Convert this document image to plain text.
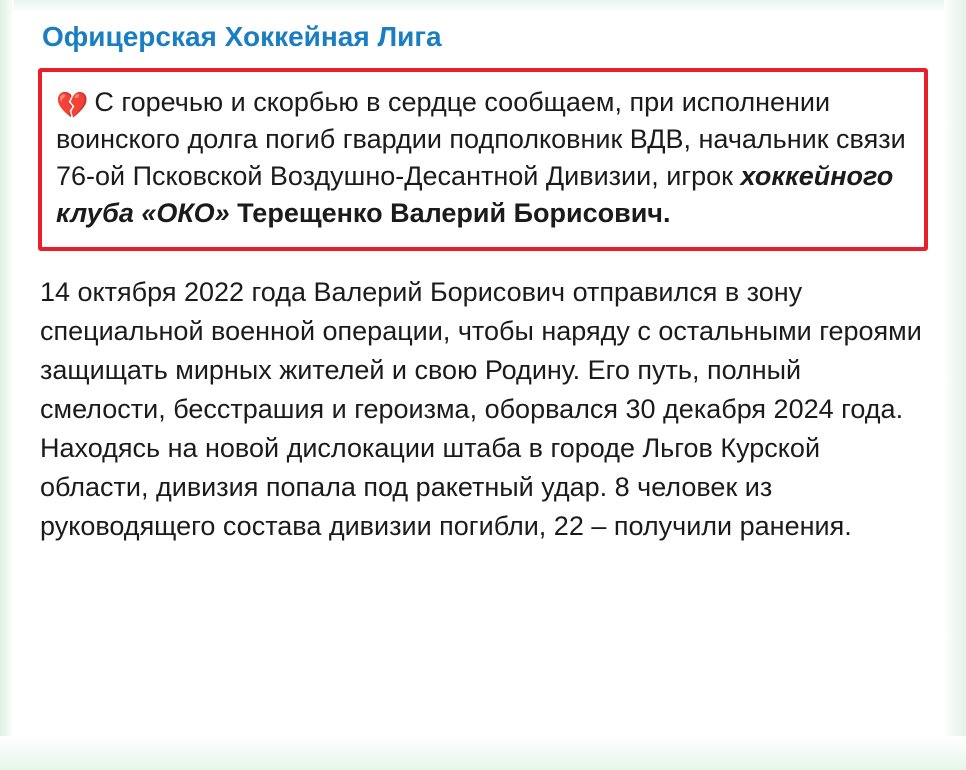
Офицерская Хоккейная Лига

💔 С горечью и скорбью в сердце сообщаем, при исполнении воинского долга погиб гвардии подполковник ВДВ, начальник связи 76-ой Псковской Воздушно-Десантной Дивизии, игрок хоккейного клуба «ОКО» Терещенко Валерий Борисович.

14 октября 2022 года Валерий Борисович отправился в зону специальной военной операции, чтобы наряду с остальными героями защищать мирных жителей и свою Родину. Его путь, полный смелости, бесстрашия и героизма, оборвался 30 декабря 2024 года. Находясь на новой дислокации штаба в городе Льгов Курской области, дивизия попала под ракетный удар. 8 человек из руководящего состава дивизии погибли, 22 – получили ранения.
